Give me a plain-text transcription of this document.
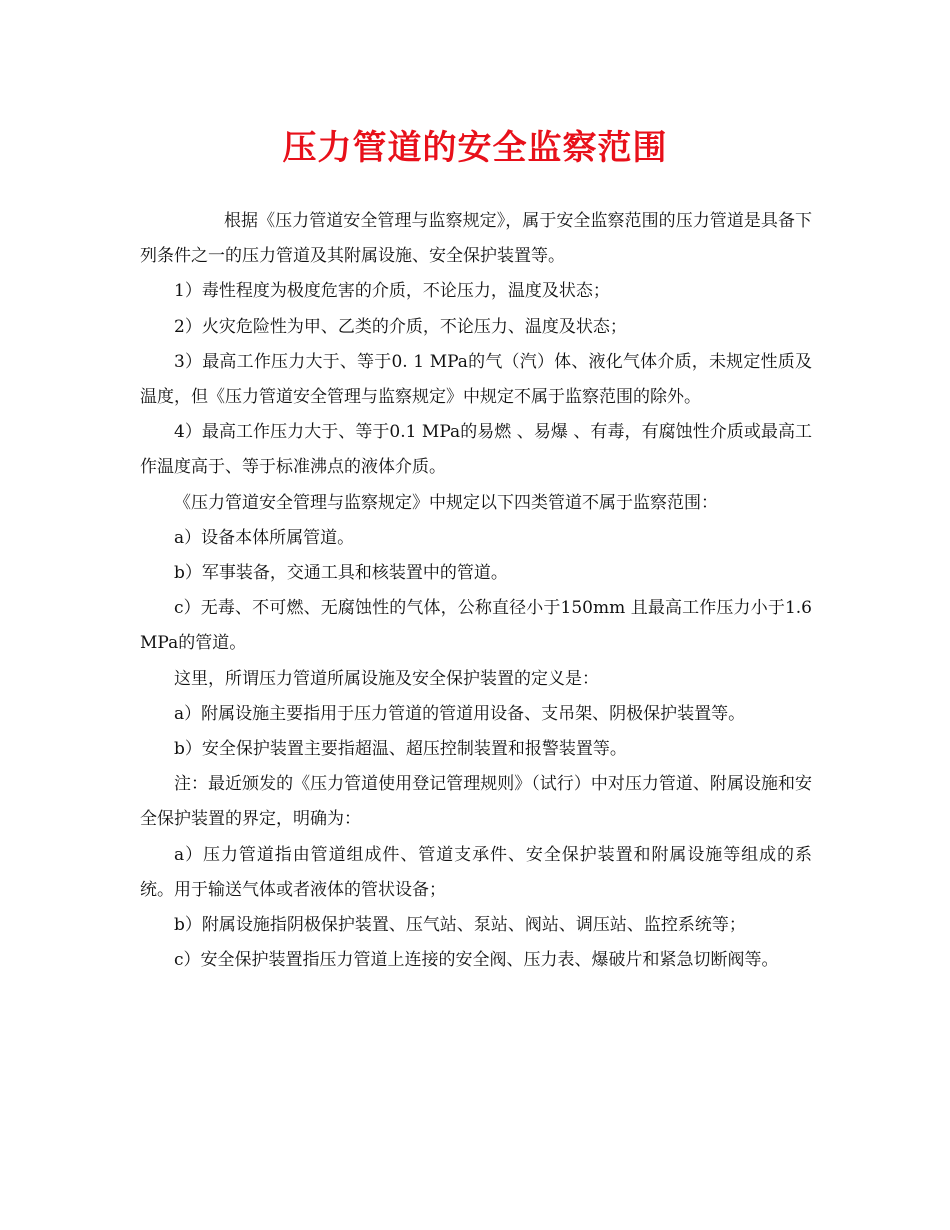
压力管道的安全监察范围

根据《压力管道安全管理与监察规定》，属于安全监察范围的压力管道是具备下列条件之一的压力管道及其附属设施、安全保护装置等。

1）毒性程度为极度危害的介质，不论压力，温度及状态；

2）火灾危险性为甲、乙类的介质，不论压力、温度及状态；

3）最高工作压力大于、等于0. 1 MPa的气（汽）体、液化气体介质，未规定性质及温度，但《压力管道安全管理与监察规定》中规定不属于监察范围的除外。

4）最高工作压力大于、等于0.1 MPa的易燃 、易爆 、有毒，有腐蚀性介质或最高工作温度高于、等于标准沸点的液体介质。

《压力管道安全管理与监察规定》中规定以下四类管道不属于监察范围：

a）设备本体所属管道。

b）军事装备，交通工具和核装置中的管道。

c）无毒、不可燃、无腐蚀性的气体，公称直径小于150mm 且最高工作压力小于1.6 MPa的管道。

这里，所谓压力管道所属设施及安全保护装置的定义是：

a）附属设施主要指用于压力管道的管道用设备、支吊架、阴极保护装置等。

b）安全保护装置主要指超温、超压控制装置和报警装置等。

注：最近颁发的《压力管道使用登记管理规则》（试行）中对压力管道、附属设施和安全保护装置的界定，明确为：

a）压力管道指由管道组成件、管道支承件、安全保护装置和附属设施等组成的系统。用于输送气体或者液体的管状设备；

b）附属设施指阴极保护装置、压气站、泵站、阀站、调压站、监控系统等；

c）安全保护装置指压力管道上连接的安全阀、压力表、爆破片和紧急切断阀等。
